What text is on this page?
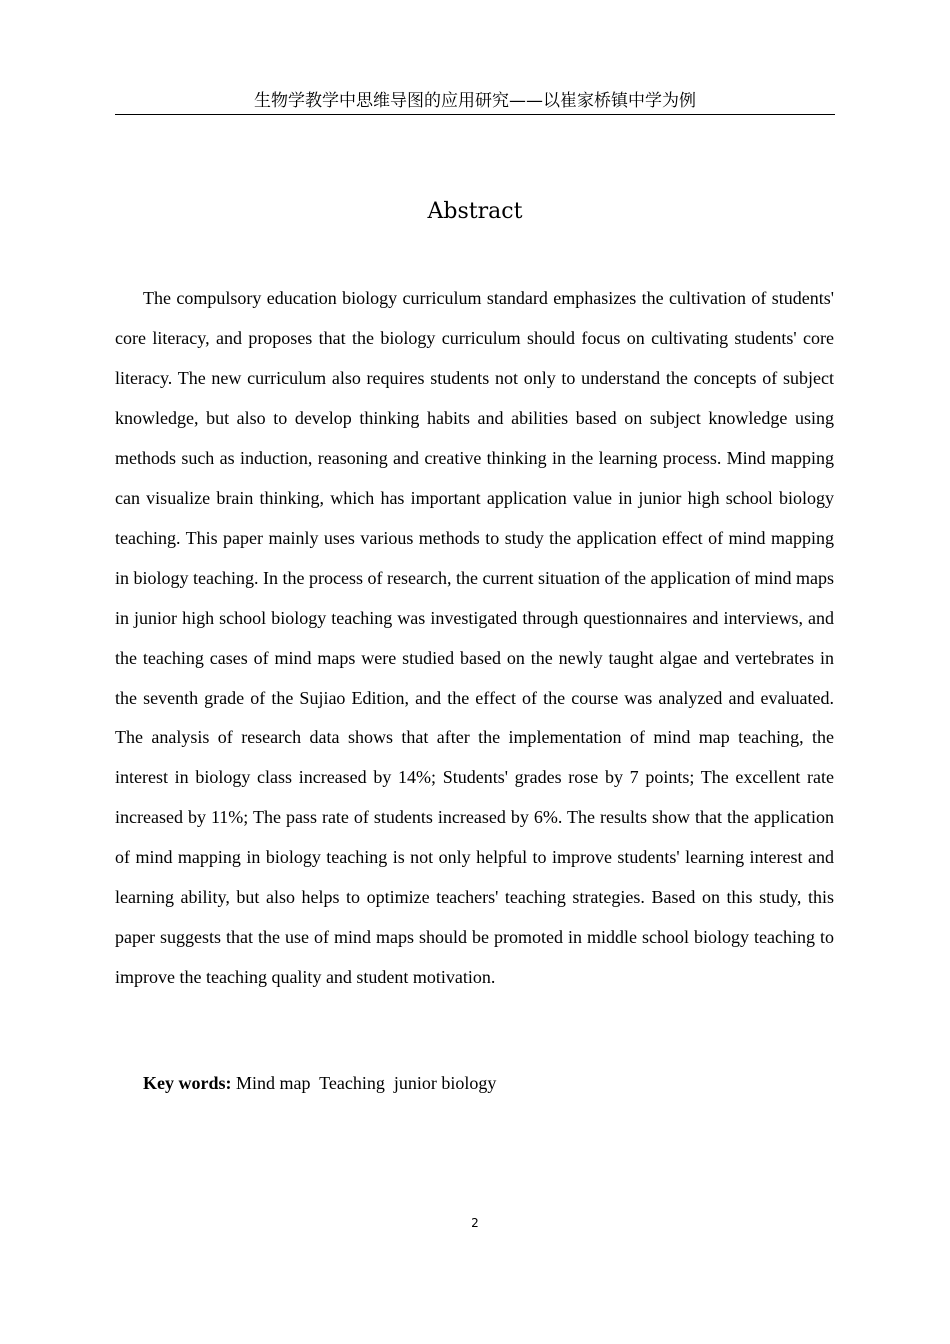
生物学教学中思维导图的应用研究——以崔家桥镇中学为例
Abstract

The compulsory education biology curriculum standard emphasizes the cultivation of students' core literacy, and proposes that the biology curriculum should focus on cultivating students' core literacy. The new curriculum also requires students not only to understand the concepts of subject knowledge, but also to develop thinking habits and abilities based on subject knowledge using methods such as induction, reasoning and creative thinking in the learning process. Mind mapping can visualize brain thinking, which has important application value in junior high school biology teaching. This paper mainly uses various methods to study the application effect of mind mapping in biology teaching. In the process of research, the current situation of the application of mind maps in junior high school biology teaching was investigated through questionnaires and interviews, and the teaching cases of mind maps were studied based on the newly taught algae and vertebrates in the seventh grade of the Sujiao Edition, and the effect of the course was analyzed and evaluated. The analysis of research data shows that after the implementation of mind map teaching, the interest in biology class increased by 14%; Students' grades rose by 7 points; The excellent rate increased by 11%; The pass rate of students increased by 6%. The results show that the application of mind mapping in biology teaching is not only helpful to improve students' learning interest and learning ability, but also helps to optimize teachers' teaching strategies. Based on this study, this paper suggests that the use of mind maps should be promoted in middle school biology teaching to improve the teaching quality and student motivation.

Key words: Mind map  Teaching  junior biology

2
